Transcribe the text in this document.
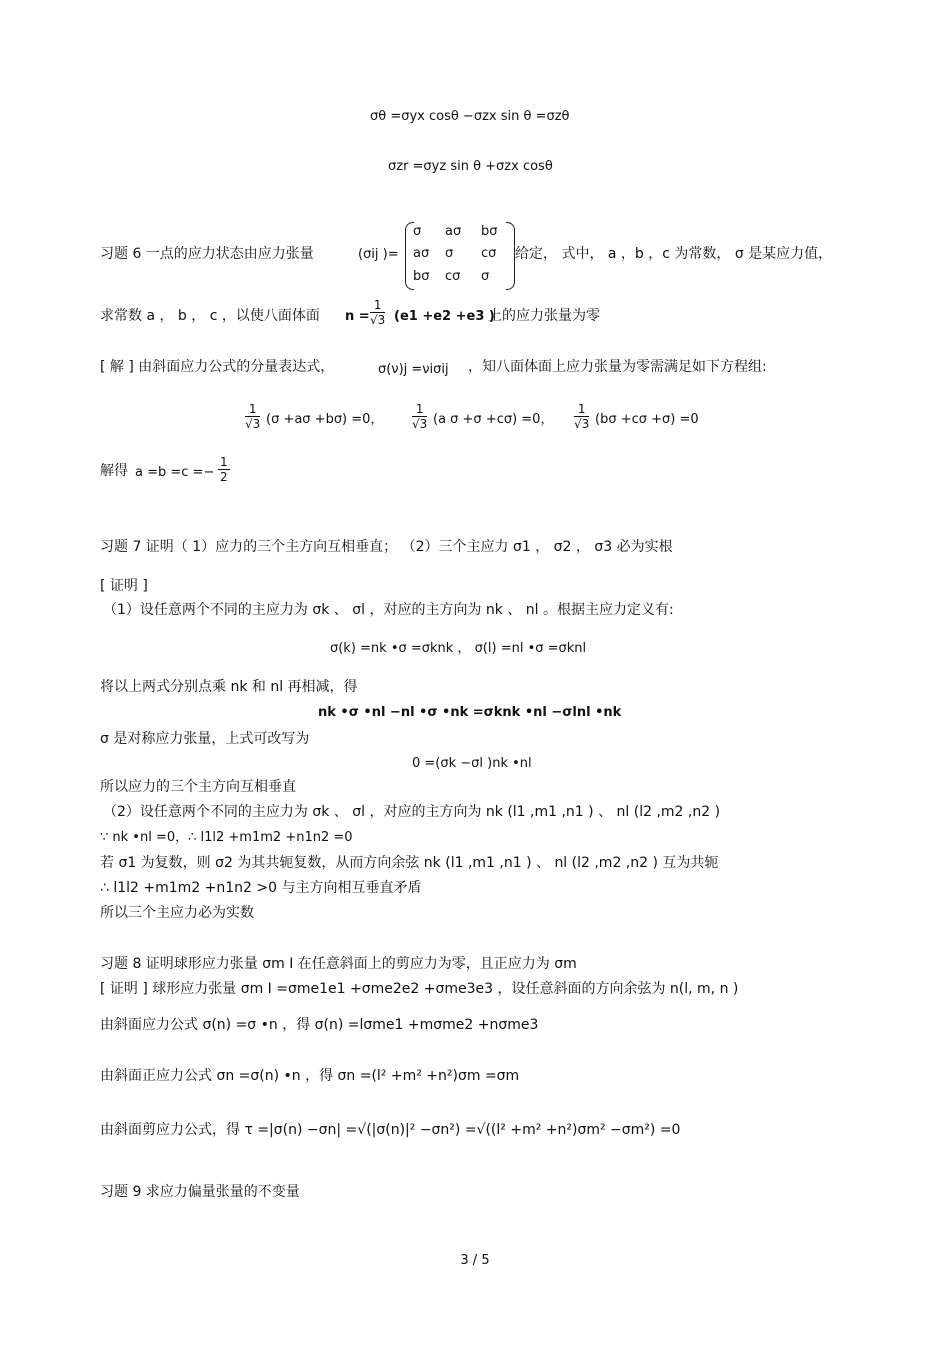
σθ =σyx cosθ −σzx sin θ =σzθ
σzr =σyz sin θ +σzx cosθ
习题 6 一点的应力状态由应力张量	(σij )=
σ aσ bσ
aσ σ cσ
bσ cσ σ
给定， 式中， a ，b ，c 为常数， σ 是某应力值，
求常数 a ， b ， c ，以使八面体面 $n = \frac{1}{√3} (e1 +e2 +e3$ )
上的应力张量为零
[ 解 ] 由斜面应力公式的分量表达式，	σ(ν)j =νiσij ，知八面体面上应力张量为零需满足如下方程组:
$\frac{1}{√3} (\sigma +a\sigma +b\sigma) =0$， $\frac{1}{√3} (a$ σ +σ +cσ) =0， $\frac{1}{√3} (b\sigma +c\sigma +\sigma) =0$
解得 $a =b =c =- \frac{1}{2}$
习题 7 证明（ 1）应力的三个主方向互相垂直； （2）三个主应力 σ1 ， σ2 ， σ3 必为实根
[ 证明 ]
（1）设任意两个不同的主应力为 σk 、 σl ，对应的主方向为 nk 、 nl 。根据主应力定义有:
σ(k) =nk •σ =σknk ， σ(l) =nl •σ =σknl
将以上两式分别点乘 nk 和 nl 再相减，得
nk •σ •nl −nl •σ •nk =σknk •nl −σlnl •nk
σ 是对称应力张量，上式可改写为
0 =(σk −σl )nk •nl
所以应力的三个主方向互相垂直
（2）设任意两个不同的主应力为 σk 、 σl ，对应的主方向为 nk (l1 ,m1 ,n1 ) 、 nl (l2 ,m2 ,n2 )
∵ nk •nl =0，∴ l1l2 +m1m2 +n1n2 =0
若 σ1 为复数，则 σ2 为其共轭复数，从而方向余弦 nk (l1 ,m1 ,n1 ) 、 nl (l2 ,m2 ,n2 ) 互为共轭
∴ l1l2 +m1m2 +n1n2 >0 与主方向相互垂直矛盾
所以三个主应力必为实数
习题 8 证明球形应力张量 σm I 在任意斜面上的剪应力为零，且正应力为 σm
[ 证明 ] 球形应力张量 σm I =σme1e1 +σme2e2 +σme3e3 ，设任意斜面的方向余弦为 n(l, m, n )
由斜面应力公式 σ(n) =σ •n ，得 σ(n) =lσme1 +mσme2 +nσme3
由斜面正应力公式 σn =σ(n) •n ，得 σn =(l² +m² +n²)σm =σm
由斜面剪应力公式，得 τ =|σ(n) −σn| =√(|σ(n)|² −σn²) =√((l² +m² +n²)σm² −σm²) =0
习题 9 求应力偏量张量的不变量
3 / 5
